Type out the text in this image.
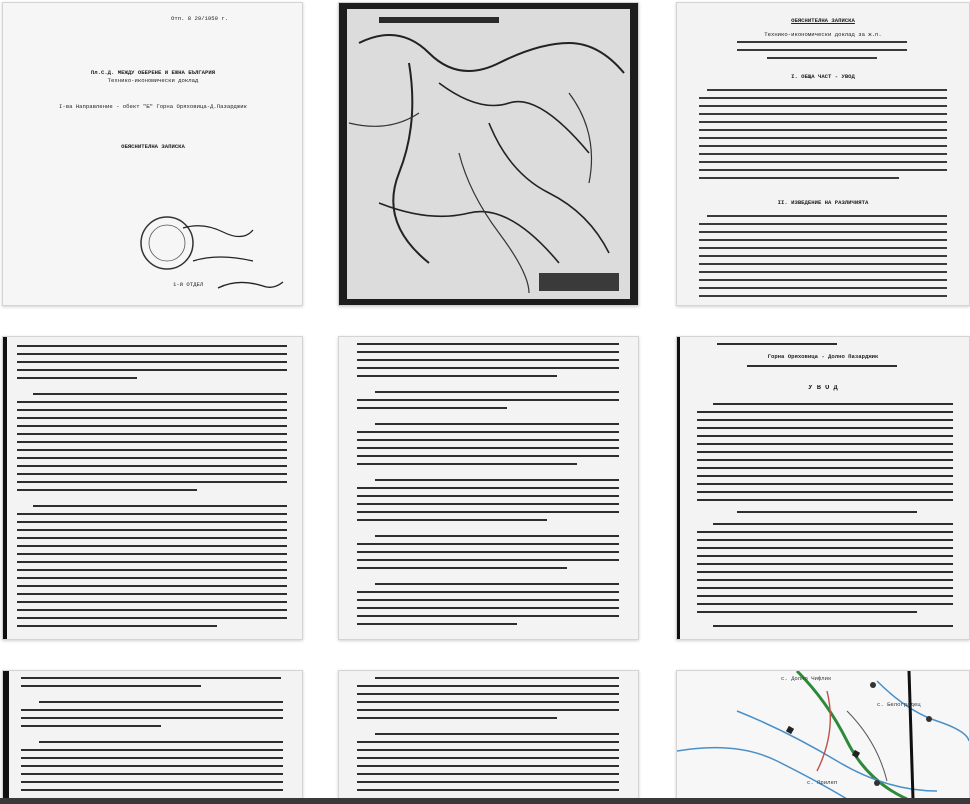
Отп. 8 29/1959 г.
Пл.С.Д. МЕЖДУ ОБЕРЕНЕ И ЕЖНА БЪЛГАРИЯ
Технико-икономически доклад
I-ва Направление - обект "Б" Горна Оряховица-Д.Пазарджик
ОБЯСНИТЕЛНА ЗАПИСКА
1-й ОТДЕЛ
ОБЯСНИТЕЛНА ЗАПИСКА
Технико-икономически доклад за ж.п.
I. ОБЩА ЧАСТ - УВОД
II. ИЗВЕДЕНИЕ НА РАЗЛИЧИЯТА
Горна Оряховица - Долно Пазарджик
У В О Д
с. Долно Чифлик
с. Белоградец
с. Прилеп
